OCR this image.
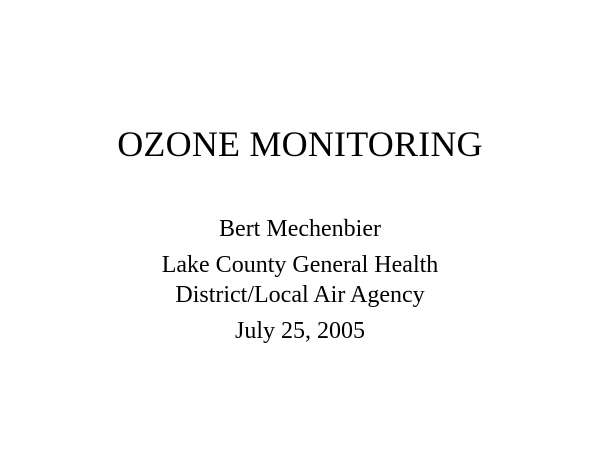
OZONE MONITORING
Bert Mechenbier
Lake County General Health
District/Local Air Agency
July 25, 2005
